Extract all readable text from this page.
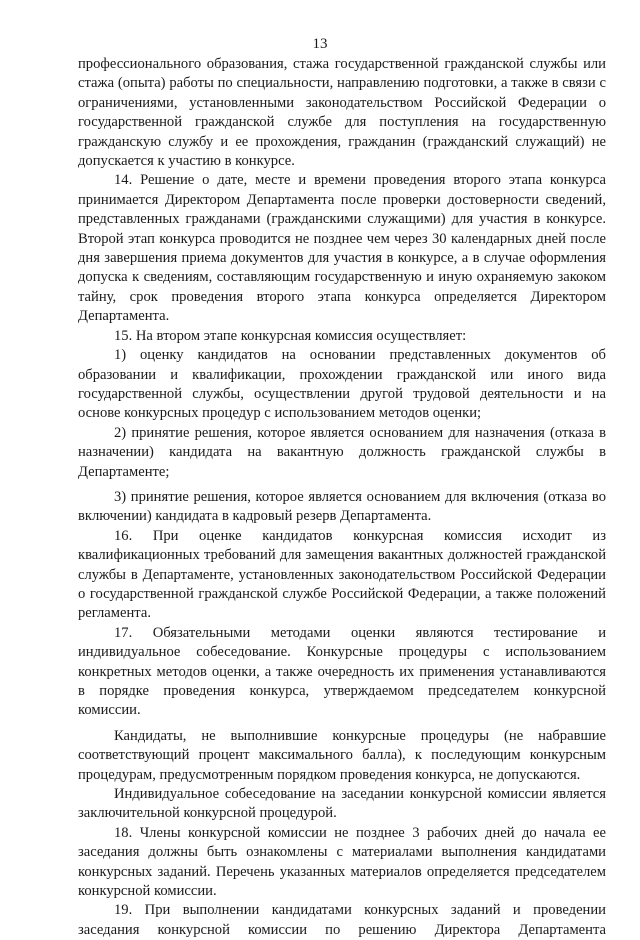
13

профессионального образования, стажа государственной гражданской службы или стажа (опыта) работы по специальности, направлению подготовки, а также в связи с ограничениями, установленными законодательством Российской Федерации о государственной гражданской службе для поступления на государственную гражданскую службу и ее прохождения, гражданин (гражданский служащий) не допускается к участию в конкурсе.

14. Решение о дате, месте и времени проведения второго этапа конкурса принимается Директором Департамента после проверки достоверности сведений, представленных гражданами (гражданскими служащими) для участия в конкурсе. Второй этап конкурса проводится не позднее чем через 30 календарных дней после дня завершения приема документов для участия в конкурсе, а в случае оформления допуска к сведениям, составляющим государственную и иную охраняемую закоком тайну, срок проведения второго этапа конкурса определяется Директором Департамента.

15. На втором этапе конкурсная комиссия осуществляет:

1) оценку кандидатов на основании представленных документов об образовании и квалификации, прохождении гражданской или иного вида государственной службы, осуществлении другой трудовой деятельности и на основе конкурсных процедур с использованием методов оценки;

2) принятие решения, которое является основанием для назначения (отказа в назначении) кандидата на вакантную должность гражданской службы в Департаменте;

3) принятие решения, которое является основанием для включения (отказа во включении) кандидата в кадровый резерв Департамента.

16. При оценке кандидатов конкурсная комиссия исходит из квалификационных требований для замещения вакантных должностей гражданской службы в Департаменте, установленных законодательством Российской Федерации о государственной гражданской службе Российской Федерации, а также положений регламента.

17. Обязательными методами оценки являются тестирование и индивидуальное собеседование. Конкурсные процедуры с использованием конкретных методов оценки, а также очередность их применения устанавливаются в порядке проведения конкурса, утверждаемом председателем конкурсной комиссии.

Кандидаты, не выполнившие конкурсные процедуры (не набравшие соответствующий процент максимального балла), к последующим конкурсным процедурам, предусмотренным порядком проведения конкурса, не допускаются.

Индивидуальное собеседование на заседании конкурсной комиссии является заключительной конкурсной процедурой.

18. Члены конкурсной комиссии не позднее 3 рабочих дней до начала ее заседания должны быть ознакомлены с материалами выполнения кандидатами конкурсных заданий. Перечень указанных материалов определяется председателем конкурсной комиссии.

19. При выполнении кандидатами конкурсных заданий и проведении заседания конкурсной комиссии по решению Директора Департамента
